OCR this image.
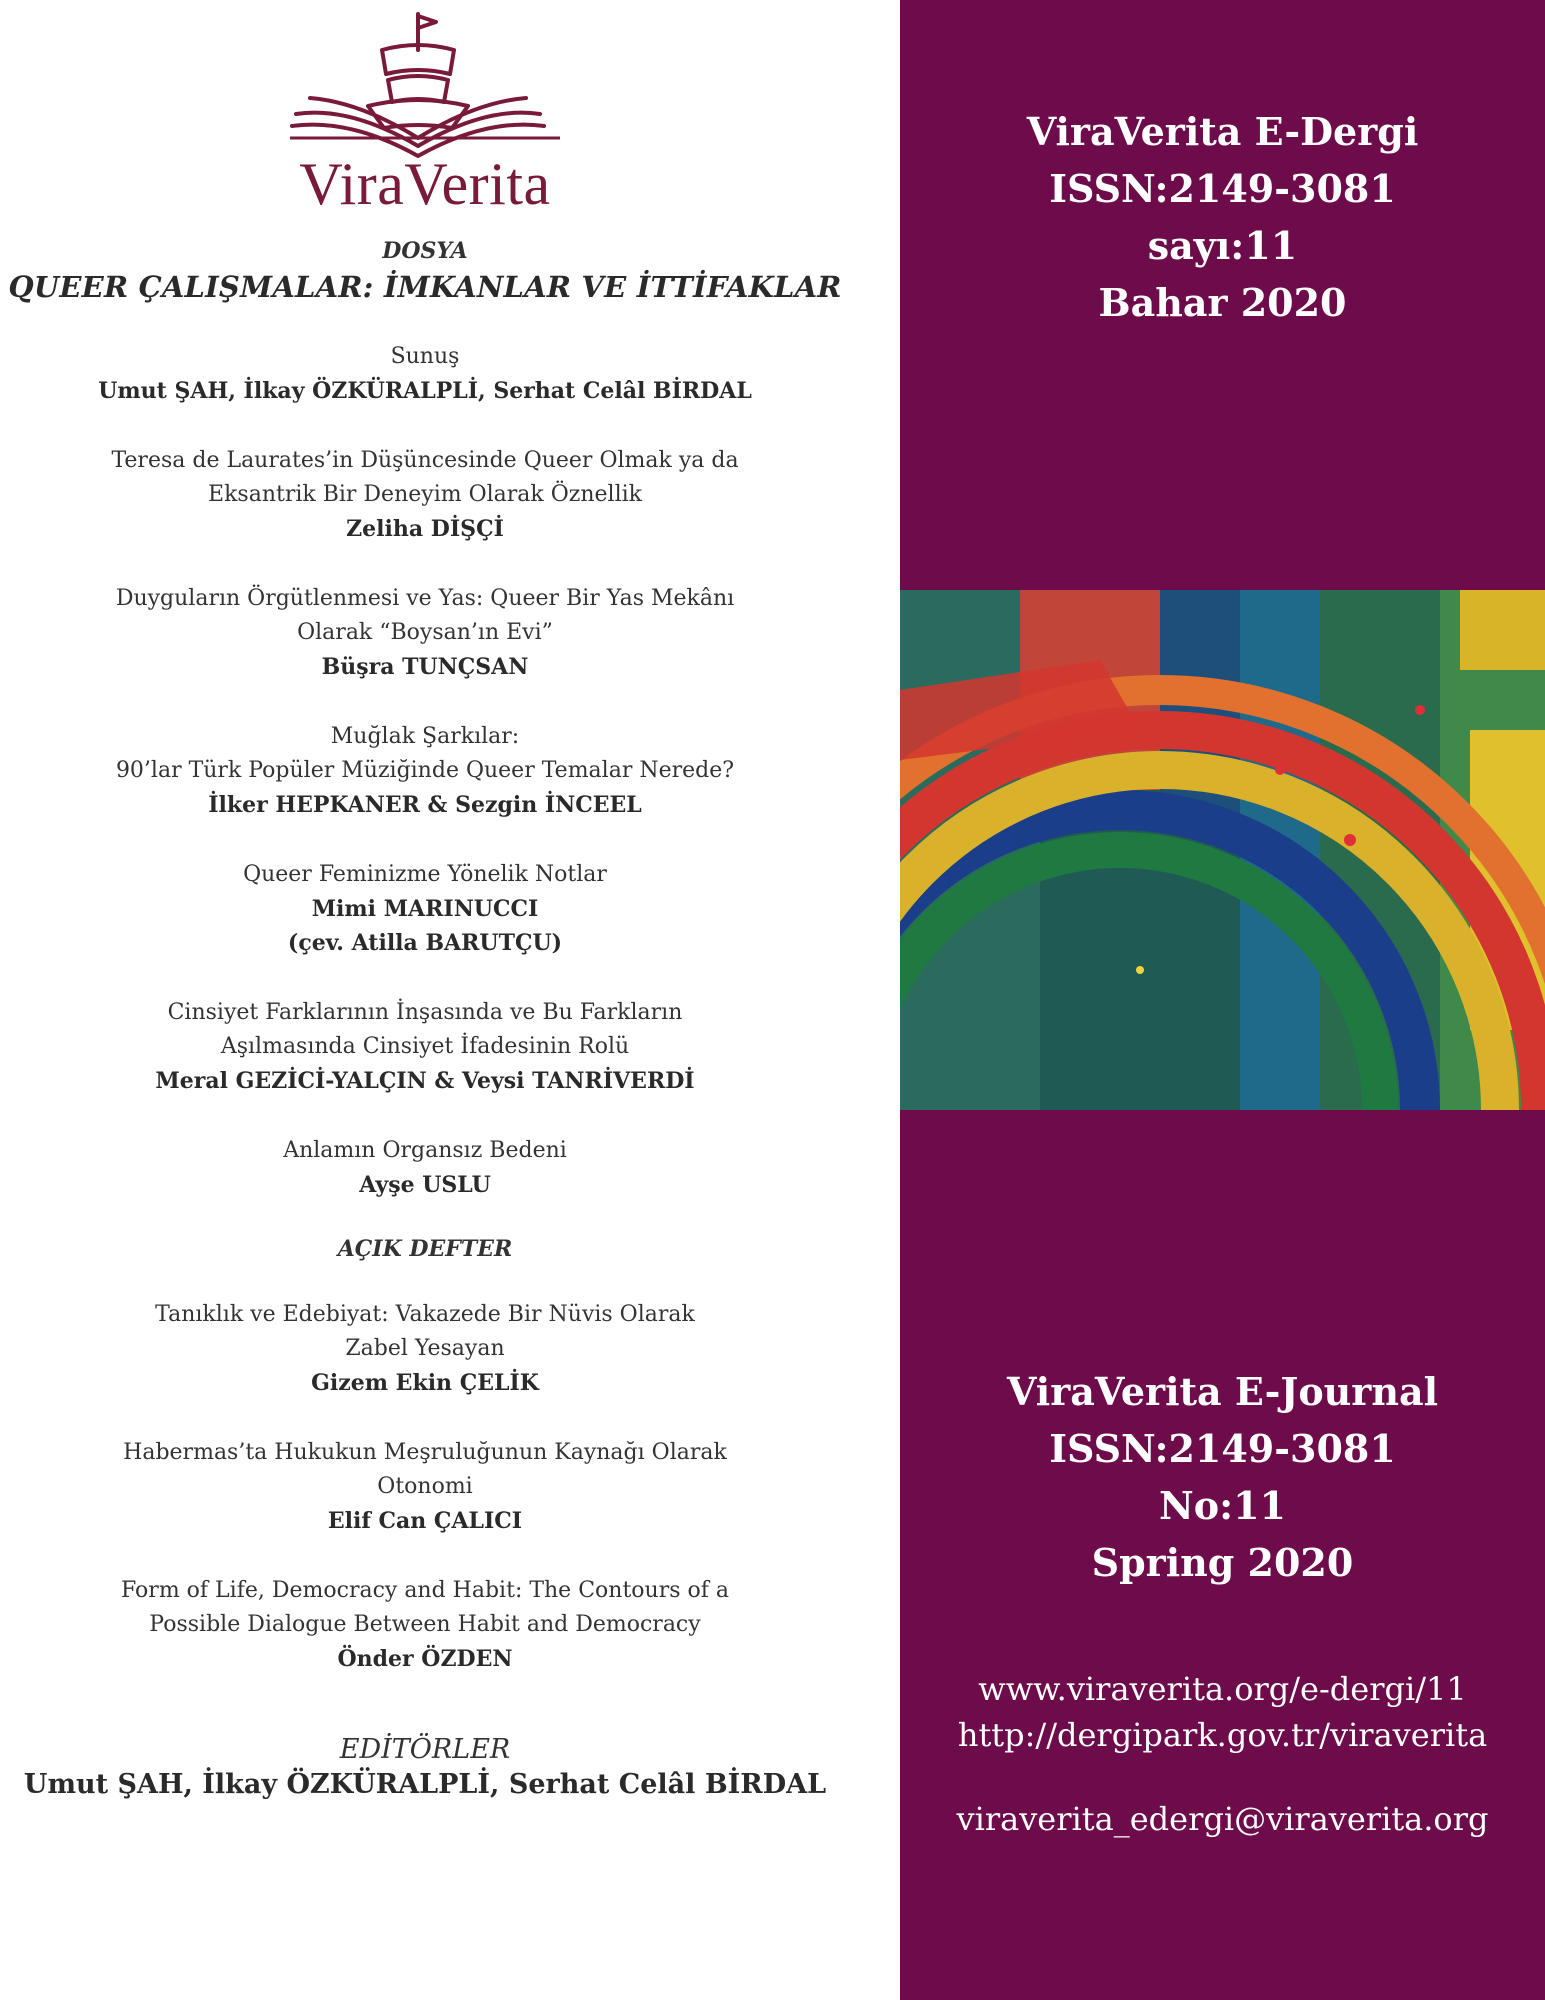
ViraVerita
DOSYA
QUEER ÇALIŞMALAR: İMKANLAR VE İTTİFAKLAR
Sunuş
Umut ŞAH, İlkay ÖZKÜRALPLİ, Serhat Celâl BİRDAL
Teresa de Laurates’in Düşüncesinde Queer Olmak ya da
Eksantrik Bir Deneyim Olarak Öznellik
Zeliha DİŞÇİ
Duyguların Örgütlenmesi ve Yas: Queer Bir Yas Mekânı
Olarak “Boysan’ın Evi”
Büşra TUNÇSAN
Muğlak Şarkılar:
90’lar Türk Popüler Müziğinde Queer Temalar Nerede?
İlker HEPKANER & Sezgin İNCEEL
Queer Feminizme Yönelik Notlar
Mimi MARINUCCI
(çev. Atilla BARUTÇU)
Cinsiyet Farklarının İnşasında ve Bu Farkların
Aşılmasında Cinsiyet İfadesinin Rolü
Meral GEZİCİ-YALÇIN & Veysi TANRİVERDİ
Anlamın Organsız Bedeni
Ayşe USLU
AÇIK DEFTER
Tanıklık ve Edebiyat: Vakazede Bir Nüvis Olarak
Zabel Yesayan
Gizem Ekin ÇELİK
Habermas’ta Hukukun Meşruluğunun Kaynağı Olarak
Otonomi
Elif Can ÇALICI
Form of Life, Democracy and Habit: The Contours of a
Possible Dialogue Between Habit and Democracy
Önder ÖZDEN
EDİTÖRLER
Umut ŞAH, İlkay ÖZKÜRALPLİ, Serhat Celâl BİRDAL
ViraVerita E-Dergi
ISSN:2149-3081
sayı:11
Bahar 2020
ViraVerita E-Journal
ISSN:2149-3081
No:11
Spring 2020
www.viraverita.org/e-dergi/11
http://dergipark.gov.tr/viraverita
viraverita_edergi@viraverita.org
